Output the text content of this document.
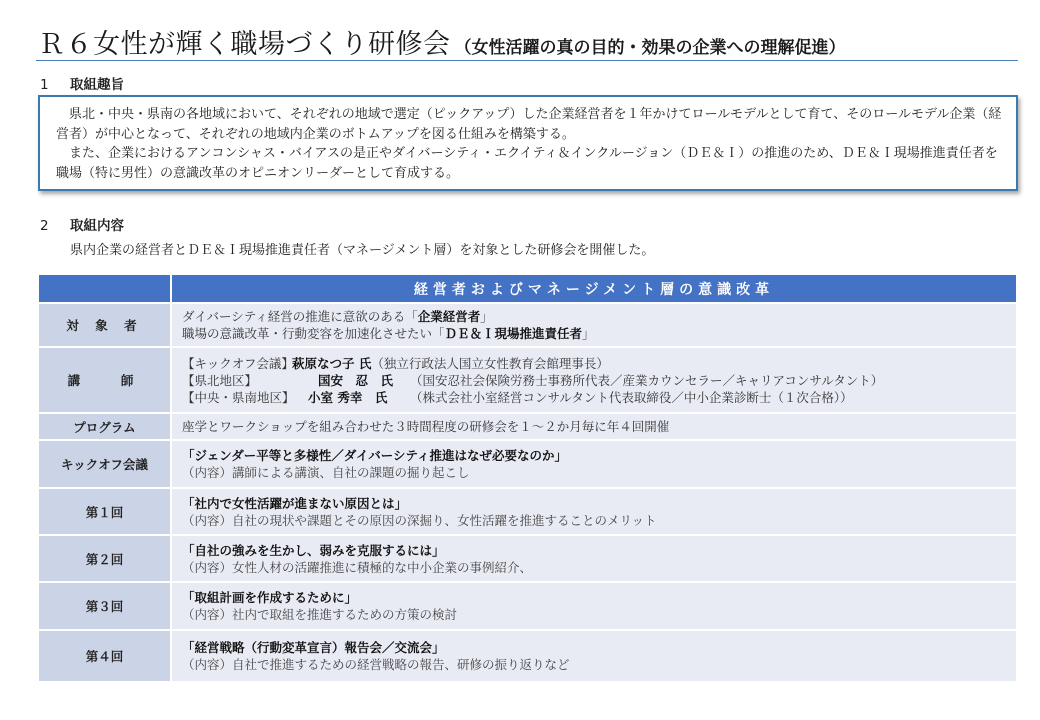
Ｒ６女性が輝く職場づくり研修会 （女性活躍の真の目的・効果の企業への理解促進）
1 取組趣旨

県北・中央・県南の各地域において、それぞれの地域で選定（ピックアップ）した企業経営者を１年かけてロールモデルとして育て、そのロールモデル企業（経営者）が中心となって、それぞれの地域内企業のボトムアップを図る仕組みを構築する。

また、企業におけるアンコンシャス・バイアスの是正やダイバーシティ・エクイティ＆インクルージョン（ＤＥ＆Ｉ）の推進のため、ＤＥ＆Ｉ現場推進責任者を職場（特に男性）の意識改革のオピニオンリーダーとして育成する。

2 取組内容
県内企業の経営者とＤＥ＆Ｉ現場推進責任者（マネージメント層）を対象とした研修会を開催した。
	経営者およびマネージメント層の意識改革
対 象 者	ダイバーシティ経営の推進に意欲のある「企業経営者」
職場の意識改革・行動変容を加速化させたい「ＤＥ＆Ｉ現場推進責任者」

講　 師	【キックオフ会議】萩原なつ子 氏（独立行政法人国立女性教育会館理事長）
【県北地区】 国安　忍　氏 （国安忍社会保険労務士事務所代表／産業カウンセラー／キャリアコンサルタント）
【中央・県南地区】 小室 秀幸　氏 （株式会社小室経営コンサルタント代表取締役／中小企業診断士（１次合格））

プログラム	座学とワークショップを組み合わせた３時間程度の研修会を１～２か月毎に年４回開催
キックオフ会議	「ジェンダー平等と多様性／ダイバーシティ推進はなぜ必要なのか」
（内容）講師による講演、自社の課題の掘り起こし

第１回	「社内で女性活躍が進まない原因とは」
（内容）自社の現状や課題とその原因の深掘り、女性活躍を推進することのメリット

第２回	「自社の強みを生かし、弱みを克服するには」
（内容）女性人材の活躍推進に積極的な中小企業の事例紹介、

第３回	「取組計画を作成するために」
（内容）社内で取組を推進するための方策の検討

第４回	「経営戦略（行動変革宣言）報告会／交流会」
（内容）自社で推進するための経営戦略の報告、研修の振り返りなど
